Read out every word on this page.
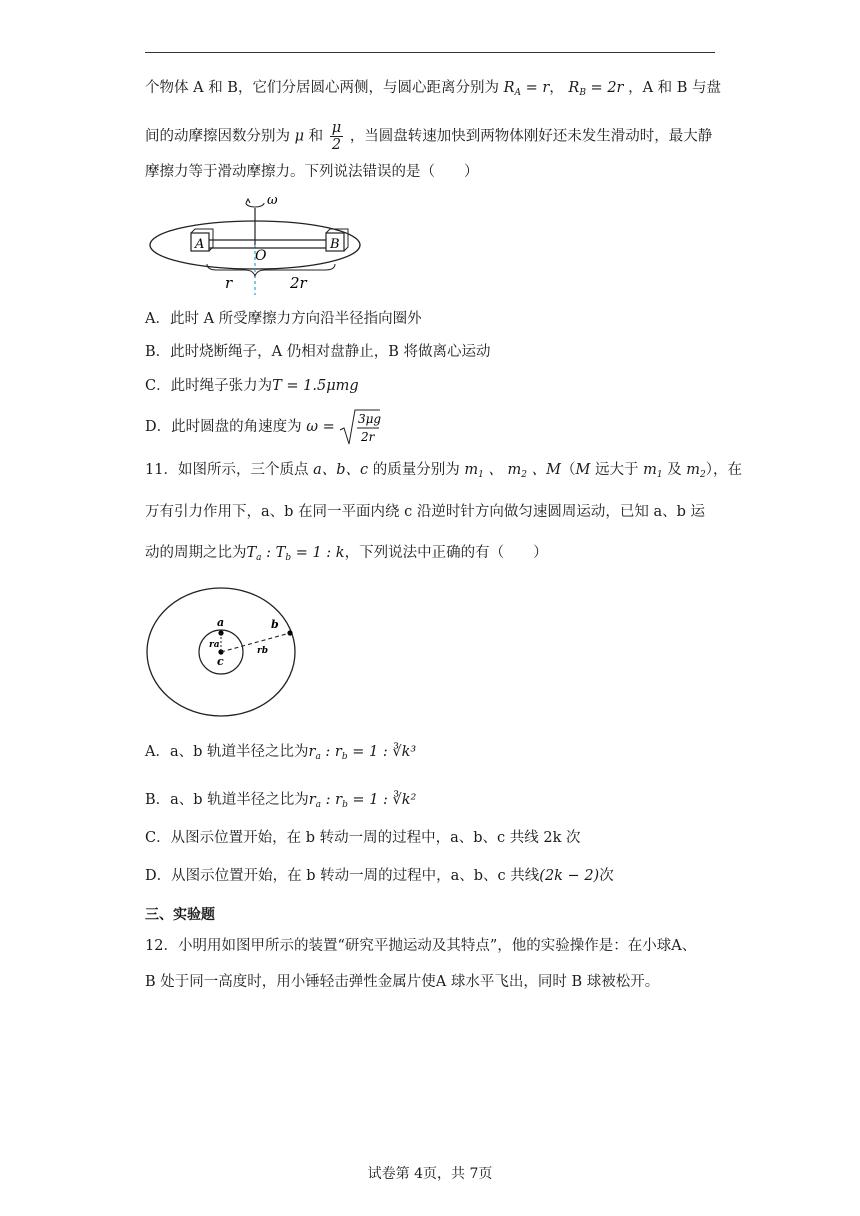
个物体 A 和 B，它们分居圆心两侧，与圆心距离分别为 $R_A = r$， $R_B = 2r$ ，A 和 B 与盘
间的动摩擦因数分别为 μ 和 $\frac{\mu}{2}$ ，当圆盘转速加快到两物体刚好还未发生滑动时，最大静
摩擦力等于滑动摩擦力。下列说法错误的是（　　）
ω
A	B
O
r	2r
A．此时 A 所受摩擦力方向沿半径指向圈外
B．此时烧断绳子，A 仍相对盘静止，B 将做离心运动
C．此时绳子张力为T = 1.5μmg
D．此时圆盘的角速度为 ω = 3μg
2r
11．如图所示，三个质点 a、b、c 的质量分别为 $m_1$ 、 $m_2$ 、M（M 远大于 $m_1$ 及 $m_2$），在
万有引力作用下，a、b 在同一平面内绕 c 沿逆时针方向做匀速圆周运动，已知 a、b 运
动的周期之比为$T_a$ : $T_b = 1$ : k，下列说法中正确的有（　　）
a
c
b
ra
rb
A．a、b 轨道半径之比为$r_a$ : $r_b = 1$ : ∛k³
B．a、b 轨道半径之比为$r_a$ : $r_b = 1$ : ∛k²
C．从图示位置开始，在 b 转动一周的过程中，a、b、c 共线 2k 次
D．从图示位置开始，在 b 转动一周的过程中，a、b、c 共线(2k − 2)次
三、实验题
12．小明用如图甲所示的装置“研究平抛运动及其特点”，他的实验操作是：在小球A、
B 处于同一高度时，用小锤轻击弹性金属片使A 球水平飞出，同时 B 球被松开。
试卷第 4页，共 7页
